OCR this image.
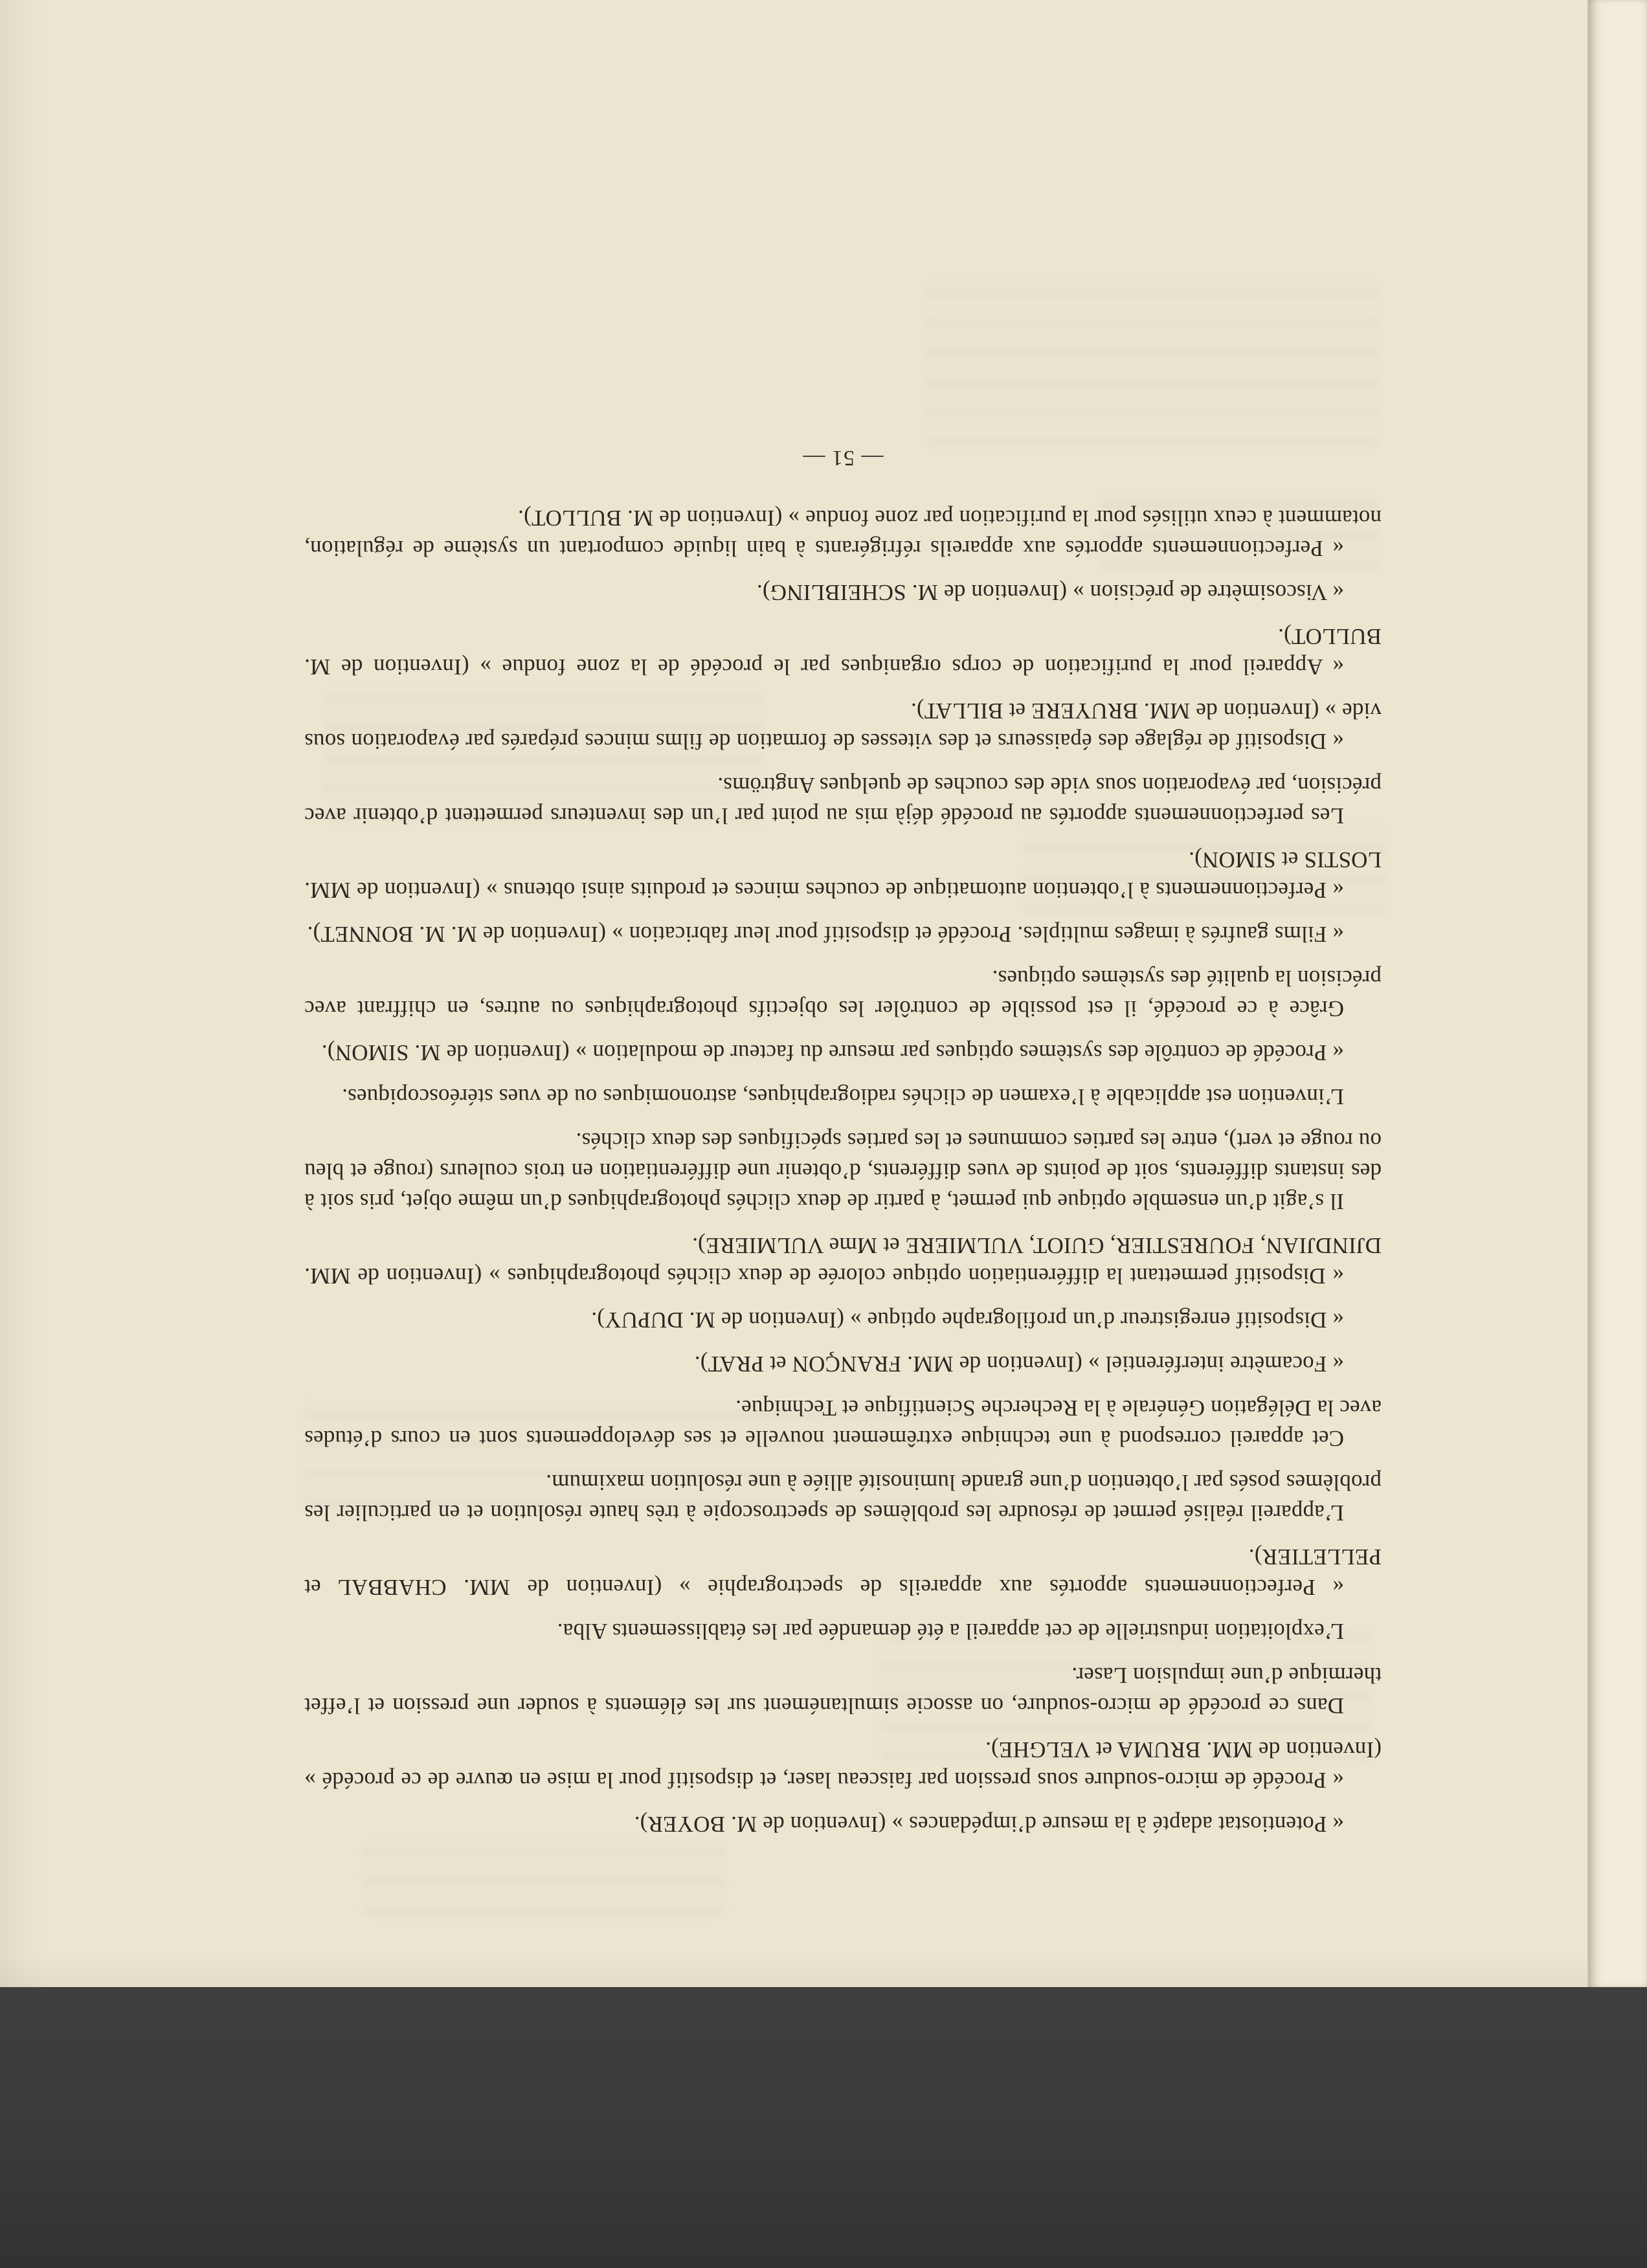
« Potentiostat adapté à la mesure d’impédances » (Invention de M. BOYER).

« Procédé de micro-soudure sous pression par faisceau laser, et dispositif pour la mise en œuvre de ce procédé » (Invention de MM. BRUMA et VELGHE).

Dans ce procédé de micro-soudure, on associe simultanément sur les éléments à souder une pression et l’effet thermique d’une impulsion Laser.

L’exploitation industrielle de cet appareil a été demandée par les établissements Alba.

« Perfectionnements apportés aux appareils de spectrographie » (Invention de MM. CHABBAL et PELLETIER).

L’appareil réalisé permet de résoudre les problèmes de spectroscopie à très haute résolution et en particulier les problèmes posés par l’obtention d’une grande luminosité alliée à une résolution maximum.

Cet appareil correspond à une technique extrêmement nouvelle et ses développements sont en cours d’études avec la Délégation Générale à la Recherche Scientifique et Technique.

« Focamètre interférentiel » (Invention de MM. FRANÇON et PRAT).

« Dispositif enregistreur d’un profilographe optique » (Invention de M. DUPUY).

« Dispositif permettant la différentiation optique colorée de deux clichés photographiques » (Invention de MM. DJINDJIAN, FOURESTIER, GUIOT, VULMIERE et Mme VULMIERE).

Il s’agit d’un ensemble optique qui permet, à partir de deux clichés photographiques d’un même objet, pris soit à des instants différents, soit de points de vues différents, d’obtenir une différentiation en trois couleurs (rouge et bleu ou rouge et vert), entre les parties communes et les parties spécifiques des deux clichés.

L’invention est applicable à l’examen de clichés radiographiques, astronomiques ou de vues stéréoscopiques.

« Procédé de contrôle des systèmes optiques par mesure du facteur de modulation » (Invention de M. SIMON).

Grâce à ce procédé, il est possible de contrôler les objectifs photographiques ou autres, en chiffrant avec précision la qualité des systèmes optiques.

« Films gaufrés à images multiples. Procédé et dispositif pour leur fabrication » (Invention de M. M. BONNET).

« Perfectionnements à l’obtention automatique de couches minces et produits ainsi obtenus » (Invention de MM. LOSTIS et SIMON).

Les perfectionnements apportés au procédé déjà mis au point par l’un des inventeurs permettent d’obtenir avec précision, par évaporation sous vide des couches de quelques Angtröms.

« Dispositif de réglage des épaisseurs et des vitesses de formation de films minces préparés par évaporation sous vide » (Invention de MM. BRUYERE et BILLAT).

« Appareil pour la purification de corps organiques par le procédé de la zone fondue » (Invention de M. BULLOT).

« Viscosimètre de précision » (Invention de M. SCHEIBLING).

« Perfectionnements apportés aux appareils réfrigérants à bain liquide comportant un système de régulation, notamment à ceux utilisés pour la purification par zone fondue » (Invention de M. BULLOT).

— 51 —
